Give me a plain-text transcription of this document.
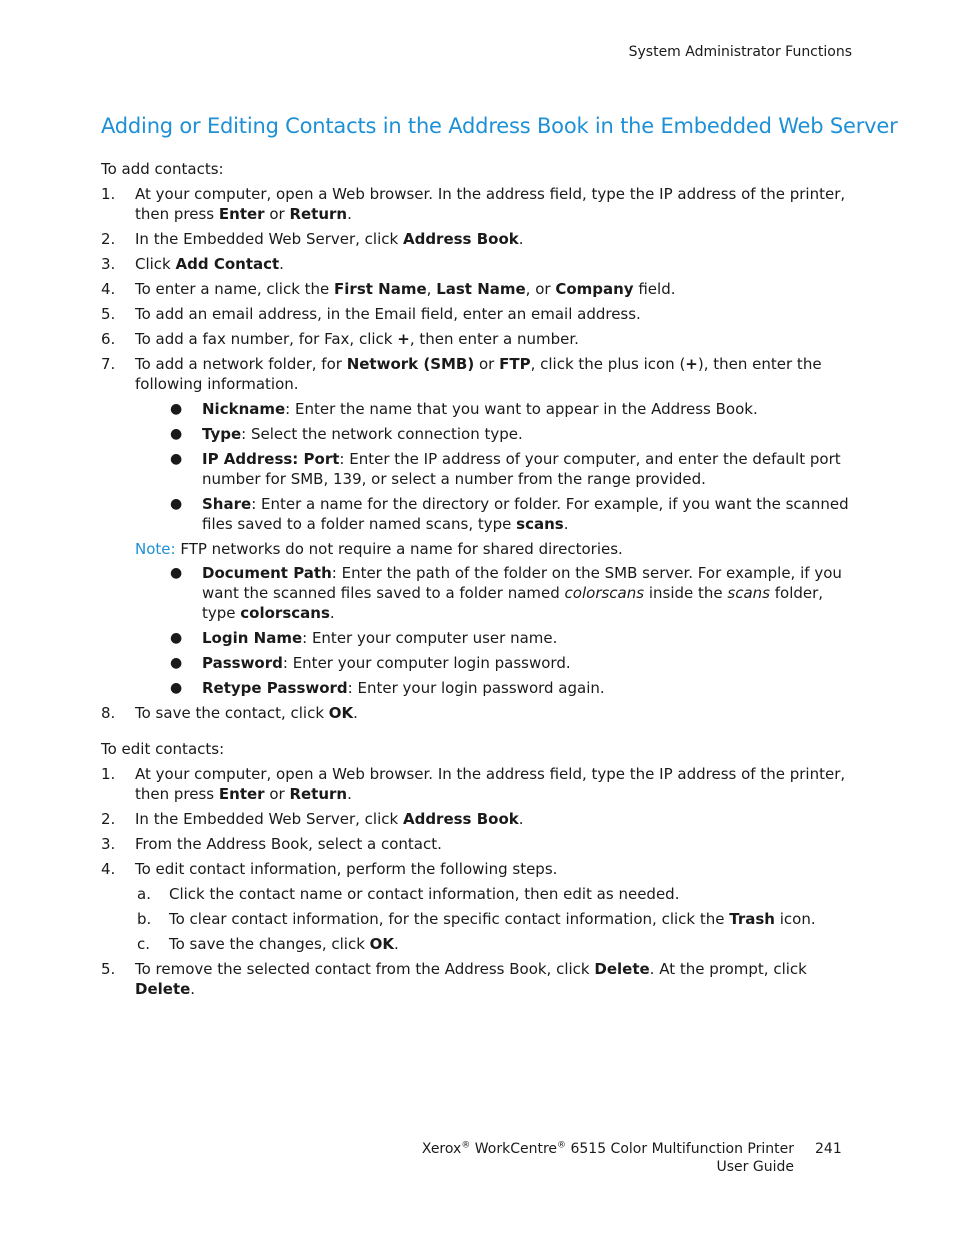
System Administrator Functions
Adding or Editing Contacts in the Address Book in the Embedded Web Server

To add contacts:

1. At your computer, open a Web browser. In the address field, type the IP address of the printer, then press Enter or Return.
2. In the Embedded Web Server, click Address Book.
3. Click Add Contact.
4. To enter a name, click the First Name, Last Name, or Company field.
5. To add an email address, in the Email field, enter an email address.
6. To add a fax number, for Fax, click +, then enter a number.
7. To add a network folder, for Network (SMB) or FTP, click the plus icon (+), then enter the following information.
● Nickname: Enter the name that you want to appear in the Address Book.
● Type: Select the network connection type.
● IP Address: Port: Enter the IP address of your computer, and enter the default port number for SMB, 139, or select a number from the range provided.
● Share: Enter a name for the directory or folder. For example, if you want the scanned files saved to a folder named scans, type scans.
Note: FTP networks do not require a name for shared directories.
● Document Path: Enter the path of the folder on the SMB server. For example, if you want the scanned files saved to a folder named colorscans inside the scans folder, type colorscans.
● Login Name: Enter your computer user name.
● Password: Enter your computer login password.
● Retype Password: Enter your login password again.
8. To save the contact, click OK.

To edit contacts:

1. At your computer, open a Web browser. In the address field, type the IP address of the printer, then press Enter or Return.
2. In the Embedded Web Server, click Address Book.
3. From the Address Book, select a contact.
4. To edit contact information, perform the following steps.
a. Click the contact name or contact information, then edit as needed.
b. To clear contact information, for the specific contact information, click the Trash icon.
c. To save the changes, click OK.
5. To remove the selected contact from the Address Book, click Delete. At the prompt, click Delete.
Xerox® WorkCentre® 6515 Color Multifunction Printer
User Guide
241
